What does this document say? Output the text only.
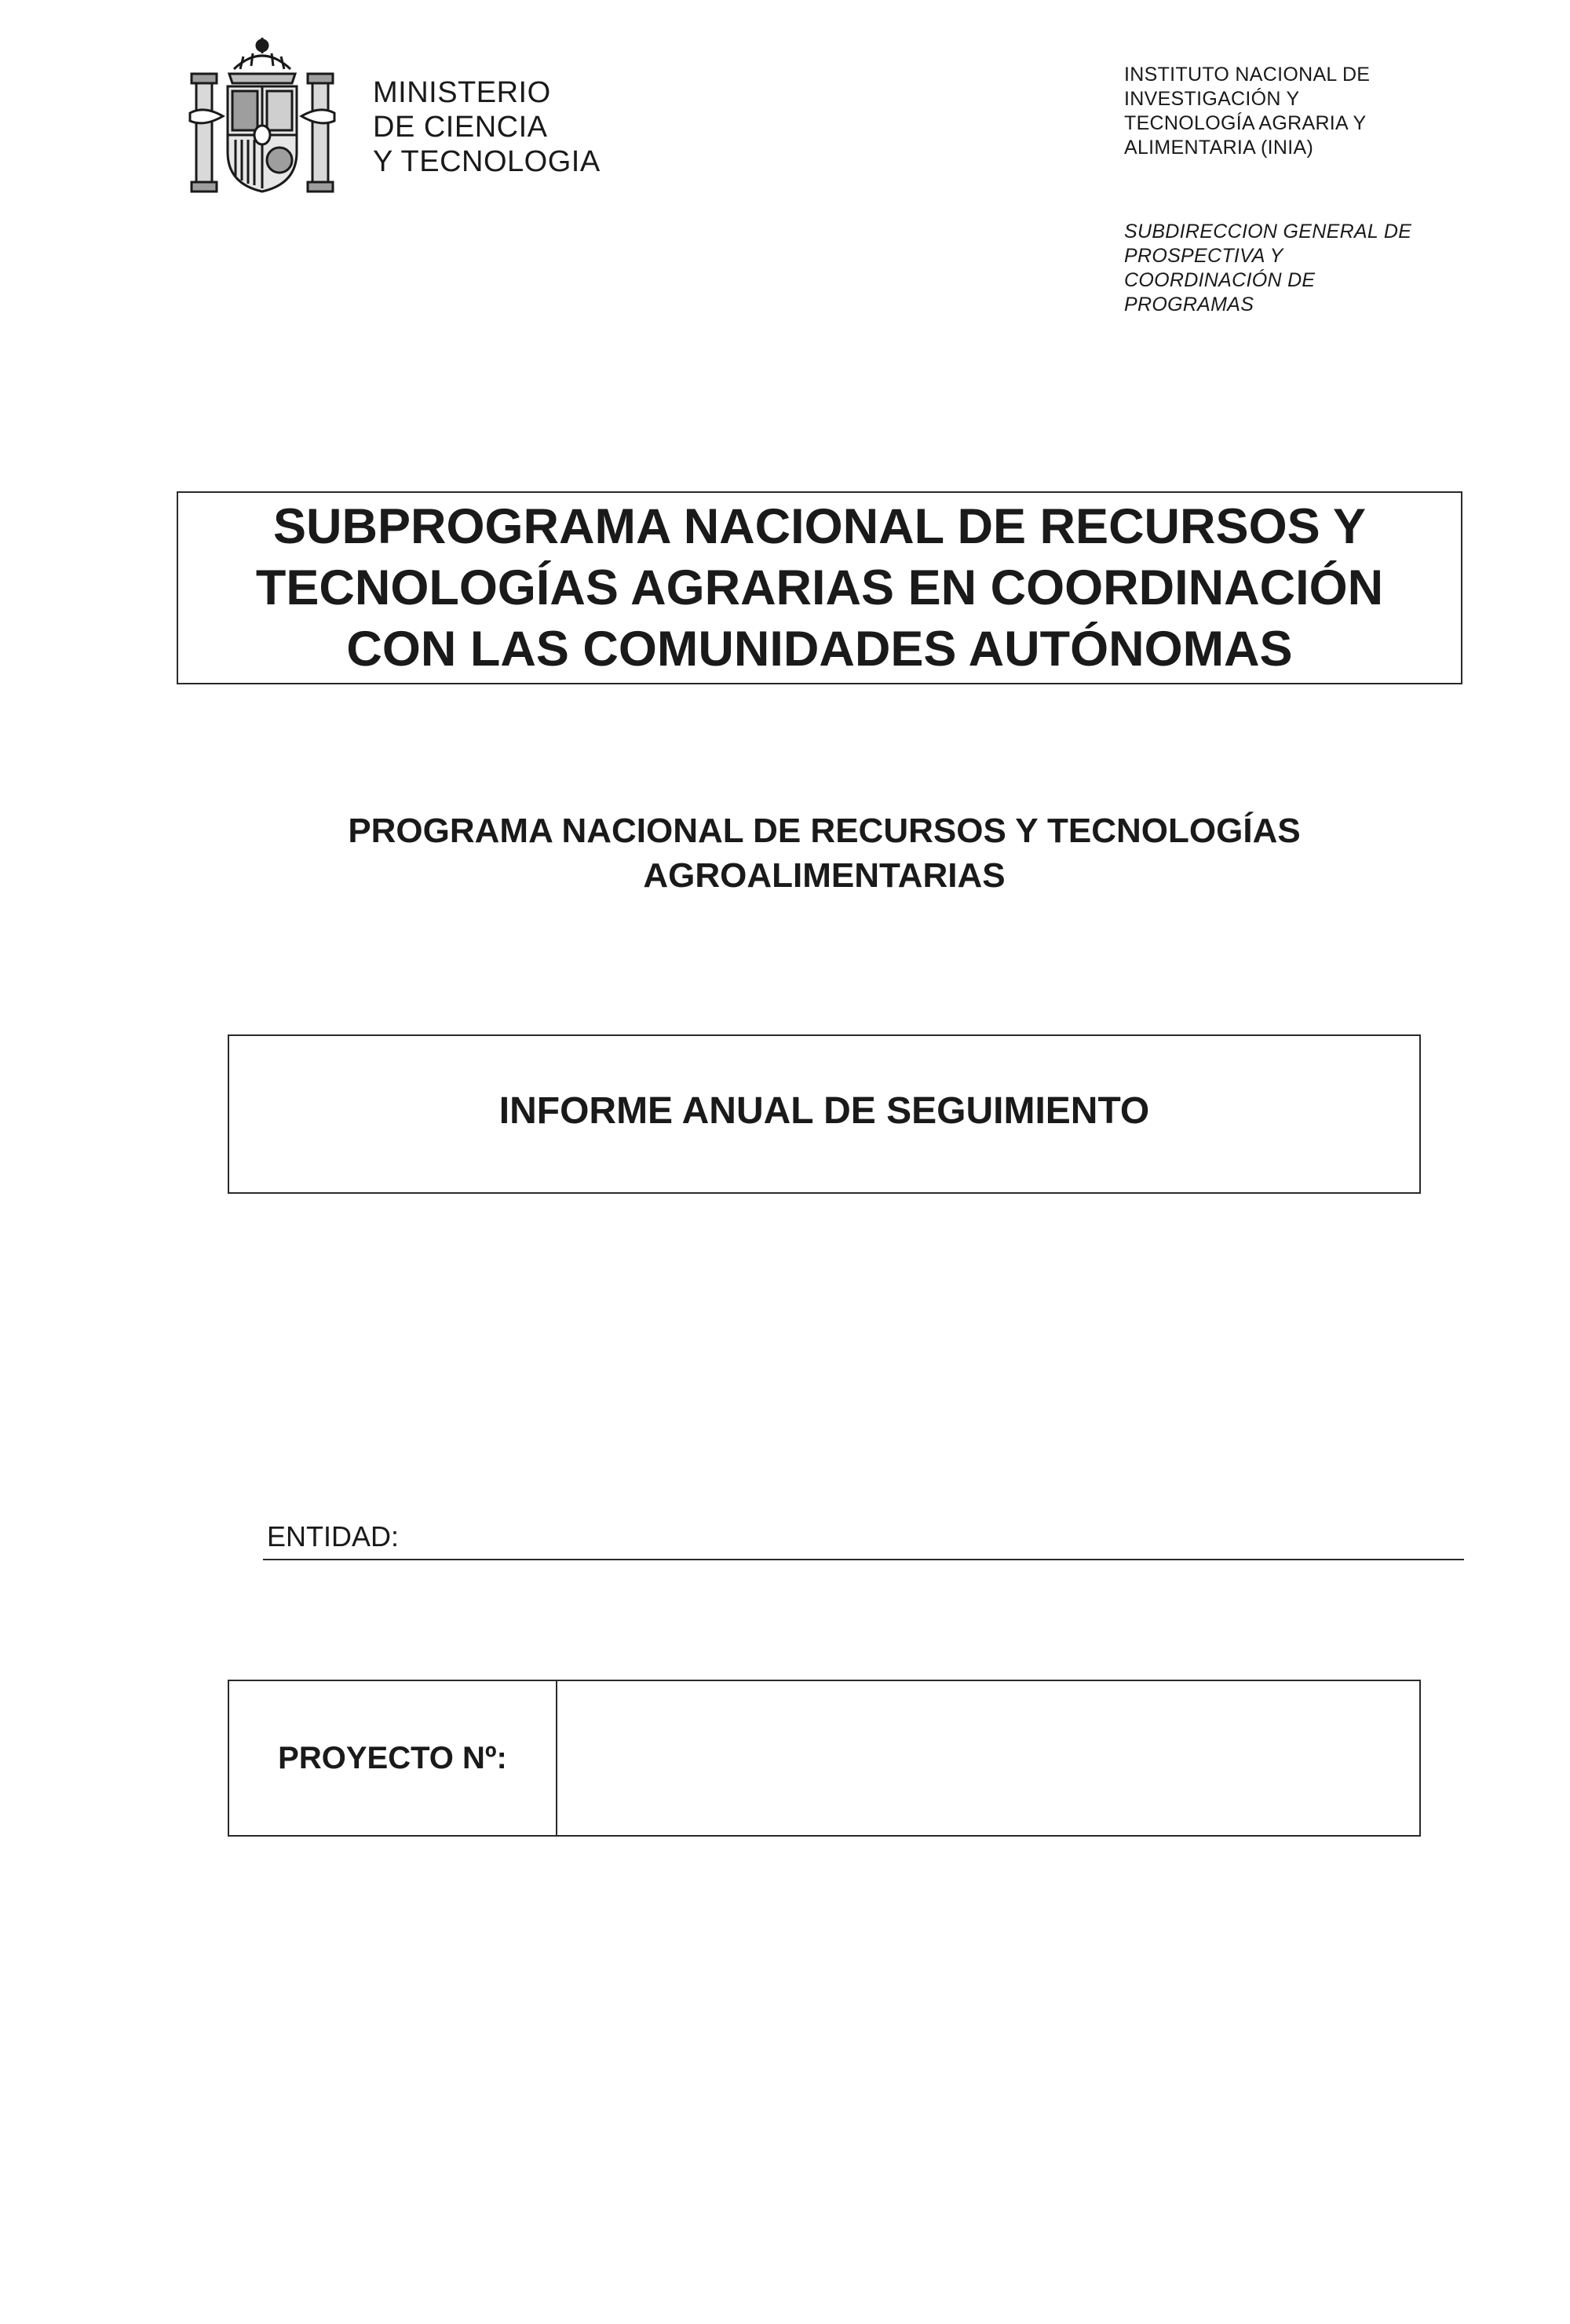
MINISTERIO
DE CIENCIA
Y TECNOLOGIA
INSTITUTO NACIONAL DE
INVESTIGACIÓN Y
TECNOLOGÍA AGRARIA Y
ALIMENTARIA (INIA)
SUBDIRECCION GENERAL DE
PROSPECTIVA Y
COORDINACIÓN DE
PROGRAMAS
SUBPROGRAMA NACIONAL DE RECURSOS Y
TECNOLOGÍAS AGRARIAS EN COORDINACIÓN
CON LAS COMUNIDADES AUTÓNOMAS
PROGRAMA NACIONAL DE RECURSOS Y TECNOLOGÍAS
AGROALIMENTARIAS
INFORME ANUAL DE SEGUIMIENTO
ENTIDAD:
PROYECTO Nº:
